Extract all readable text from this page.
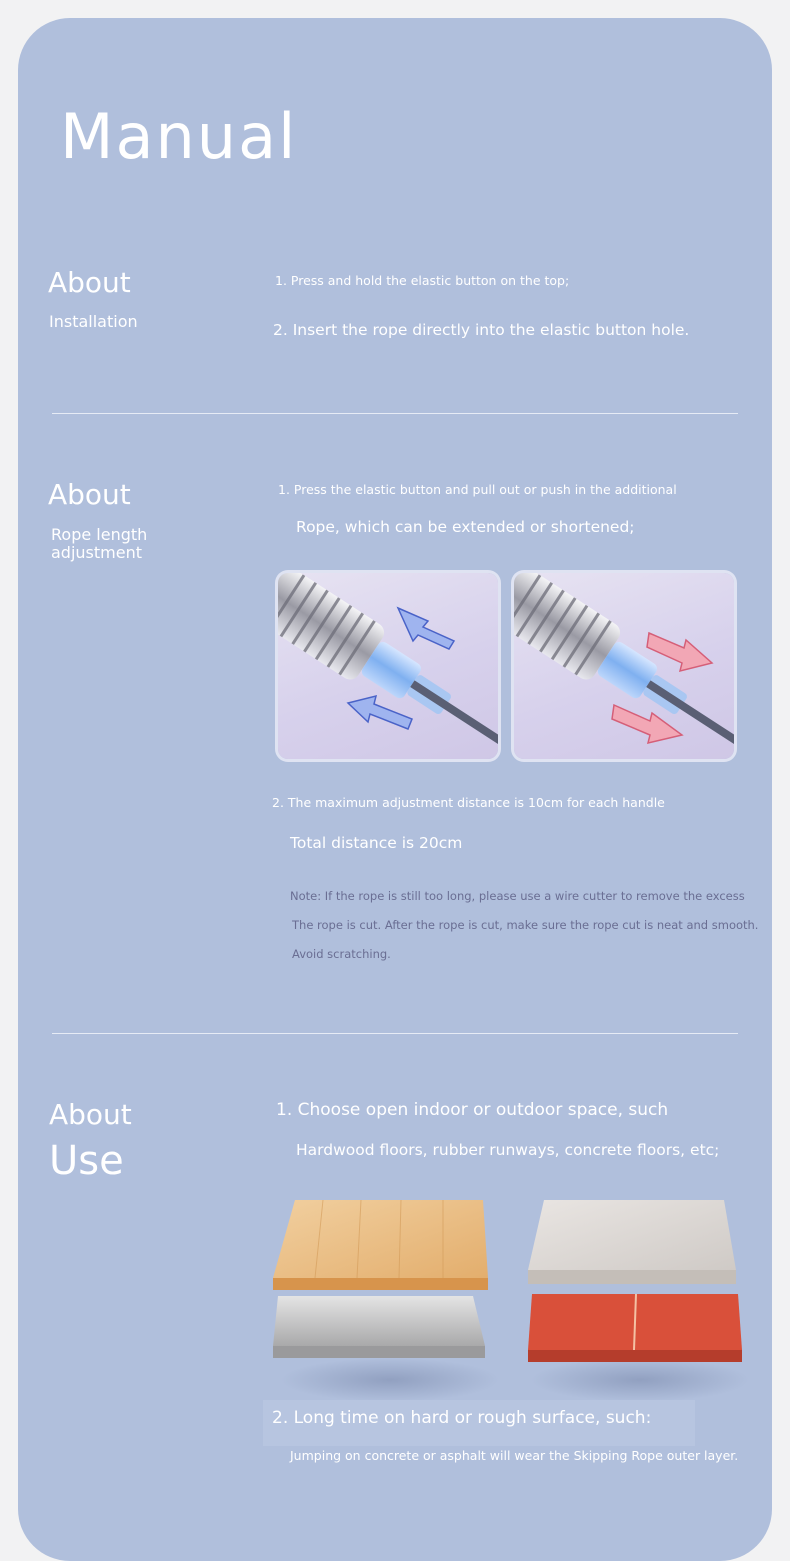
Manual
About
Installation
1. Press and hold the elastic button on the top;
2. Insert the rope directly into the elastic button hole.
About
Rope length adjustment
1. Press the elastic button and pull out or push in the additional
Rope, which can be extended or shortened;
2. The maximum adjustment distance is 10cm for each handle
Total distance is 20cm
Note: If the rope is still too long, please use a wire cutter to remove the excess
The rope is cut. After the rope is cut, make sure the rope cut is neat and smooth.
Avoid scratching.
About
Use
1. Choose open indoor or outdoor space, such
Hardwood floors, rubber runways, concrete floors, etc;
2. Long time on hard or rough surface, such:
Jumping on concrete or asphalt will wear the Skipping Rope outer layer.
